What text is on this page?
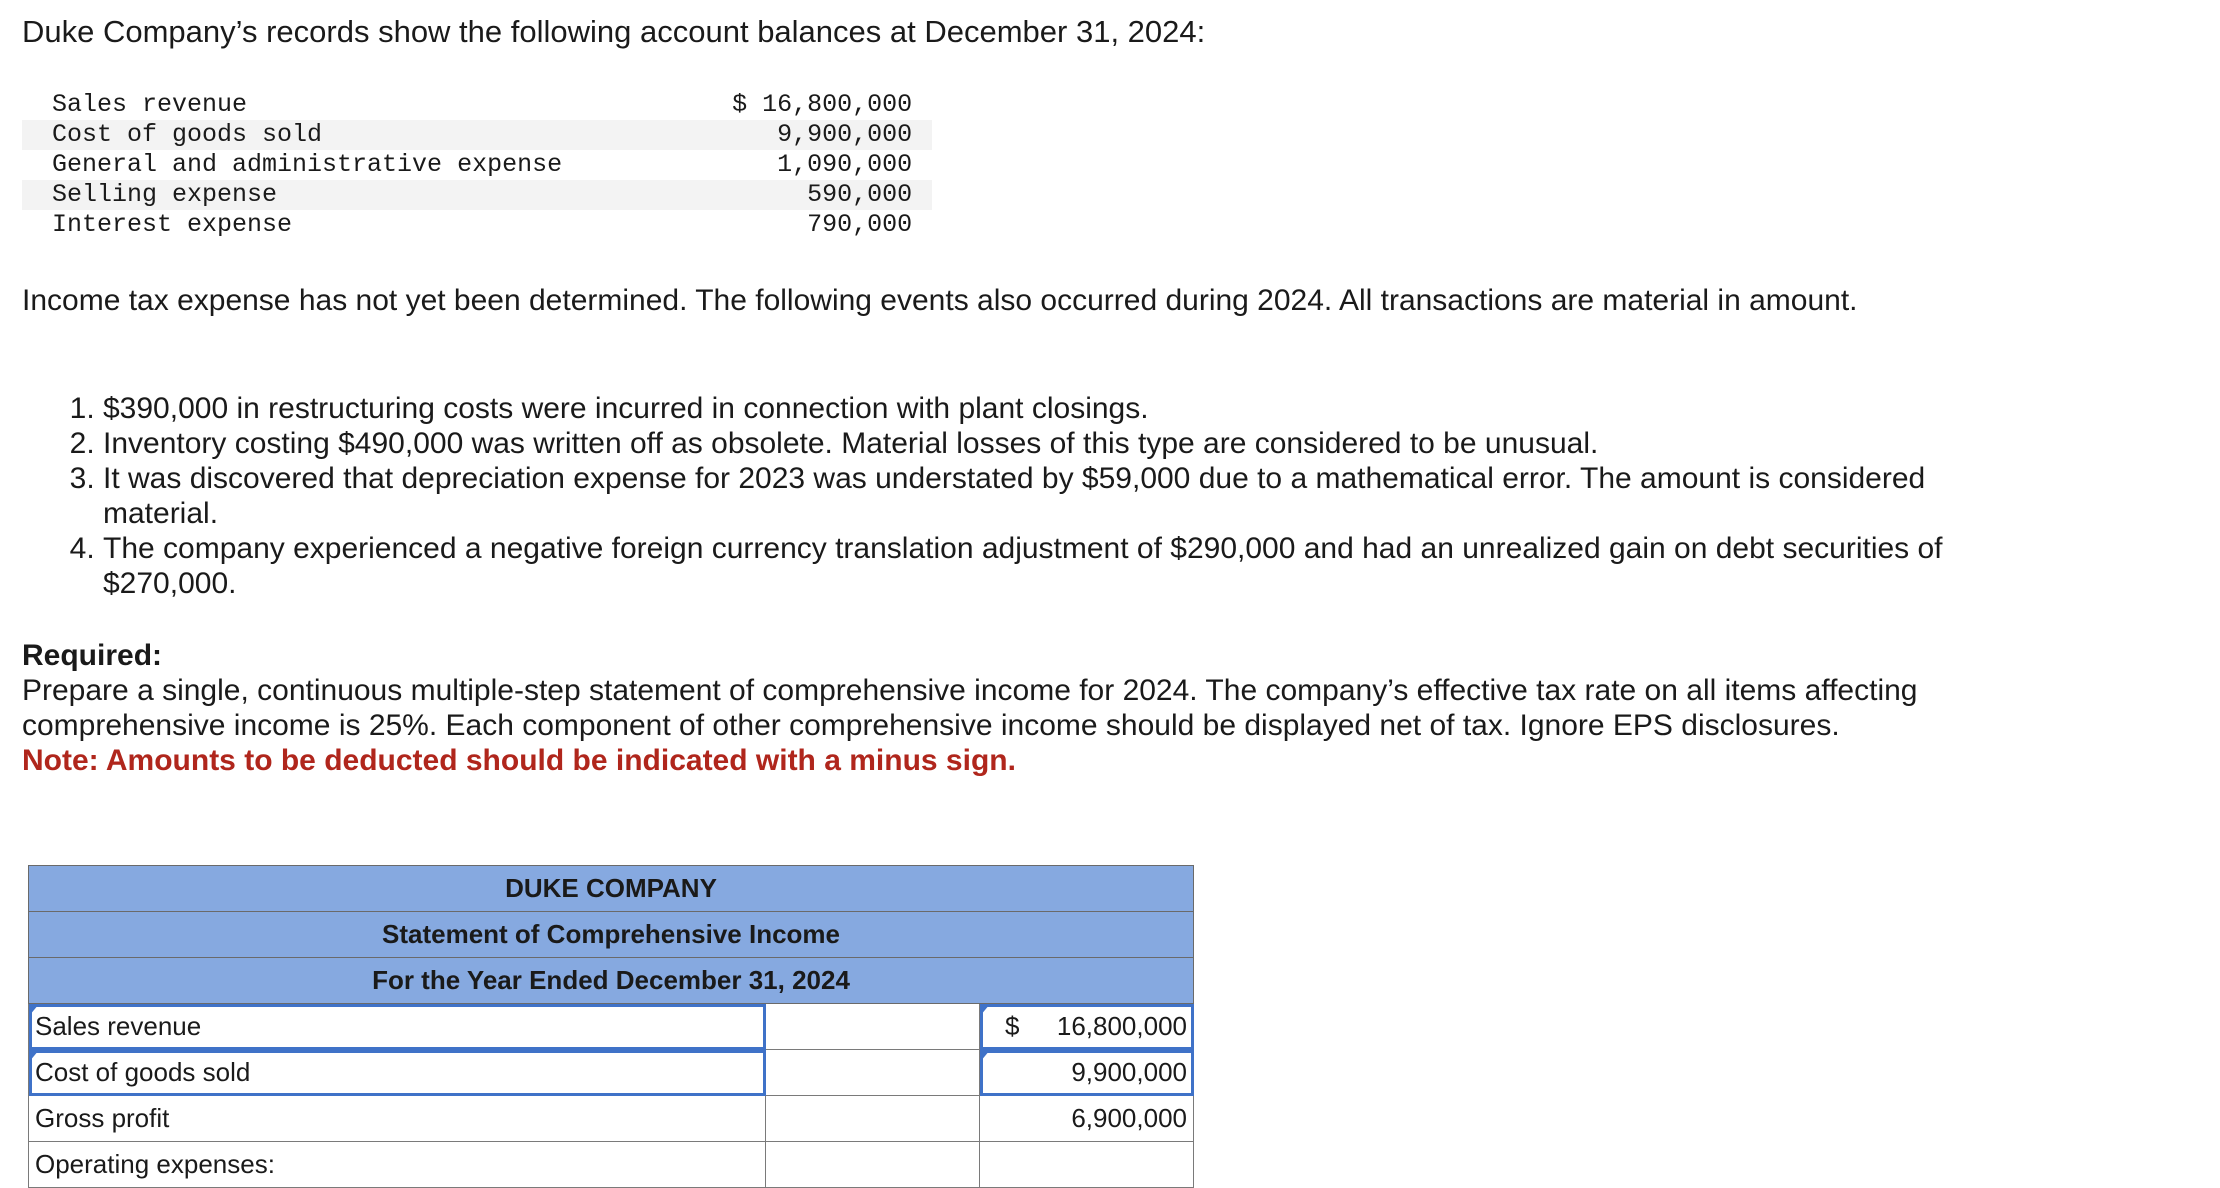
Duke Company’s records show the following account balances at December 31, 2024:

Sales revenue	$ 16,800,000
Cost of goods sold	9,900,000
General and administrative expense	1,090,000
Selling expense	590,000
Interest expense	790,000

Income tax expense has not yet been determined. The following events also occurred during 2024. All transactions are material in amount.

1. $390,000 in restructuring costs were incurred in connection with plant closings.
2. Inventory costing $490,000 was written off as obsolete. Material losses of this type are considered to be unusual.
3. It was discovered that depreciation expense for 2023 was understated by $59,000 due to a mathematical error. The amount is considered material.
4. The company experienced a negative foreign currency translation adjustment of $290,000 and had an unrealized gain on debt securities of $270,000.
Required:
Prepare a single, continuous multiple-step statement of comprehensive income for 2024. The company’s effective tax rate on all items affecting comprehensive income is 25%. Each component of other comprehensive income should be displayed net of tax. Ignore EPS disclosures.
Note: Amounts to be deducted should be indicated with a minus sign.
DUKE COMPANY		
Statement of Comprehensive Income		
For the Year Ended December 31, 2024		

Sales revenue		$ 16,800,000

Cost of goods sold		9,900,000
Gross profit		6,900,000
Operating expenses:		
